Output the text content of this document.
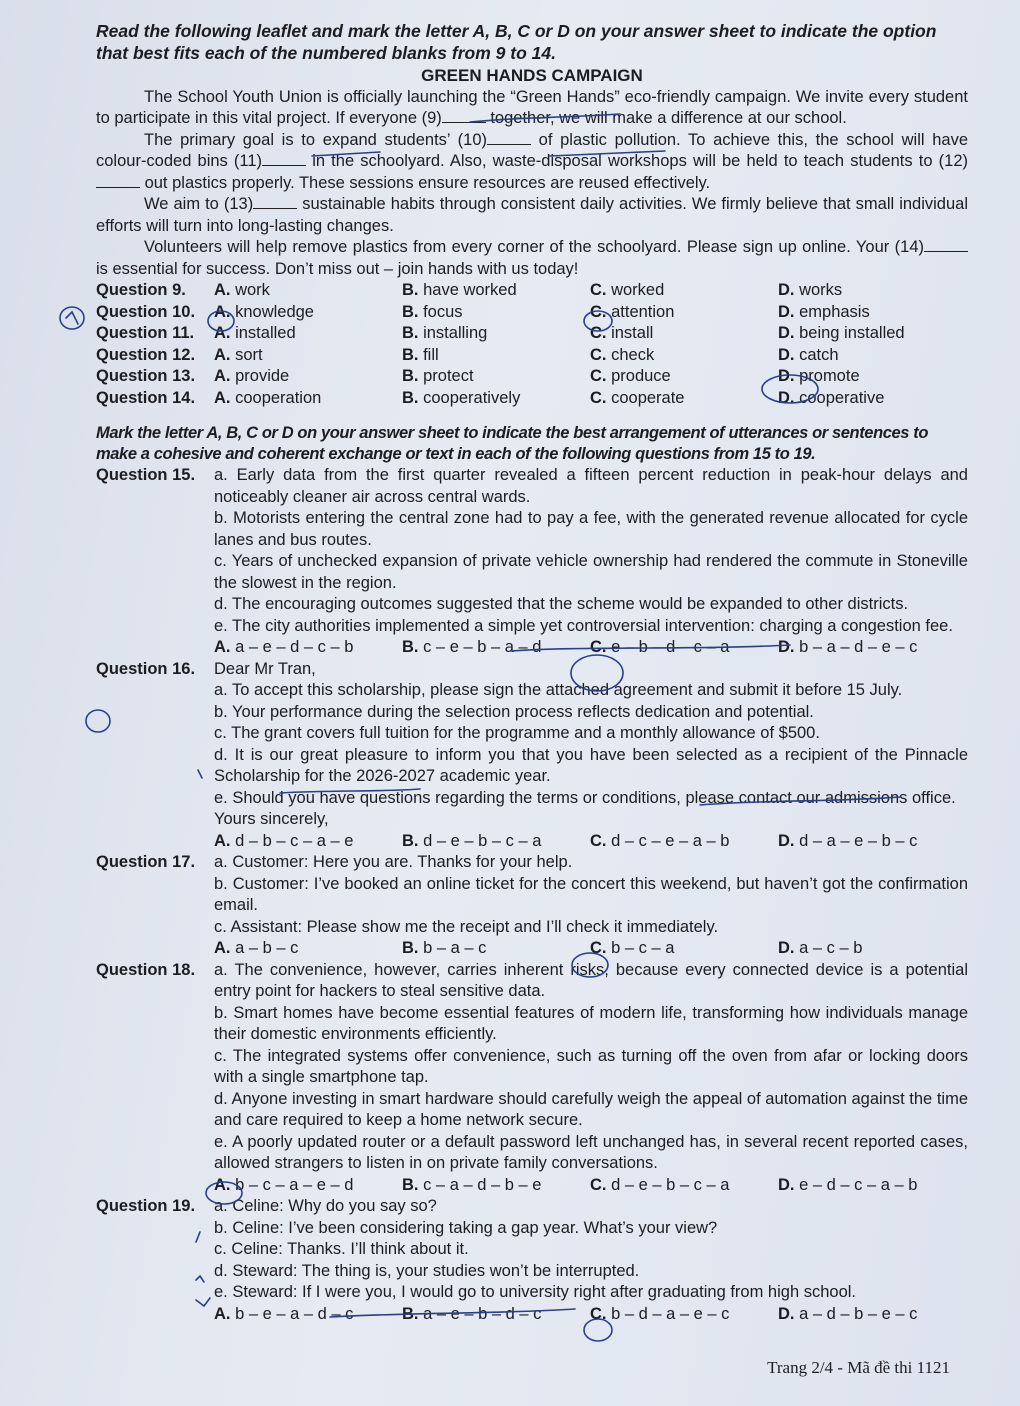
Read the following leaflet and mark the letter A, B, C or D on your answer sheet to indicate the option that best fits each of the numbered blanks from 9 to 14.

GREEN HANDS CAMPAIGN

The School Youth Union is officially launching the “Green Hands” eco-friendly campaign. We invite every student to participate in this vital project. If everyone (9)	together, we will make a difference at our school.

The primary goal is to expand students’ (10)	of plastic pollution. To achieve this, the school will have colour-coded bins (11)	in the schoolyard. Also, waste-disposal workshops will be held to teach students to (12) out plastics properly. These sessions ensure resources are reused effectively.

We aim to (13)	sustainable habits through consistent daily activities. We firmly believe that small individual efforts will turn into long-lasting changes.

Volunteers will help remove plastics from every corner of the schoolyard. Please sign up online. Your (14) is essential for success. Don’t miss out – join hands with us today!

Question 9.	A. work	B. have worked	C. worked	D. works
Question 10.	A. knowledge	B. focus	C. attention	D. emphasis
Question 11.	A. installed	B. installing	C. install	D. being installed
Question 12.	A. sort	B. fill	C. check	D. catch
Question 13.	A. provide	B. protect	C. produce	D. promote
Question 14.	A. cooperation	B. cooperatively	C. cooperate	D. cooperative

Mark the letter A, B, C or D on your answer sheet to indicate the best arrangement of utterances or sentences to make a cohesive and coherent exchange or text in each of the following questions from 15 to 19.

Question 15.	a. Early data from the first quarter revealed a fifteen percent reduction in peak-hour delays and noticeably cleaner air across central wards.

b. Motorists entering the central zone had to pay a fee, with the generated revenue allocated for cycle lanes and bus routes.

c. Years of unchecked expansion of private vehicle ownership had rendered the commute in Stoneville the slowest in the region.

d. The encouraging outcomes suggested that the scheme would be expanded to other districts.

e. The city authorities implemented a simple yet controversial intervention: charging a congestion fee.

A. a – e – d – c – b	B. c – e – b – a – d	C. e – b – d – c – a	D. b – a – d – e – c
Question 16.	Dear Mr Tran,

a. To accept this scholarship, please sign the attached agreement and submit it before 15 July.

b. Your performance during the selection process reflects dedication and potential.

c. The grant covers full tuition for the programme and a monthly allowance of $500.

d. It is our great pleasure to inform you that you have been selected as a recipient of the Pinnacle Scholarship for the 2026-2027 academic year.

e. Should you have questions regarding the terms or conditions, please contact our admissions office.

Yours sincerely,

A. d – b – c – a – e	B. d – e – b – c – a	C. d – c – e – a – b	D. d – a – e – b – c
Question 17.	a. Customer: Here you are. Thanks for your help.

b. Customer: I’ve booked an online ticket for the concert this weekend, but haven’t got the confirmation email.

c. Assistant: Please show me the receipt and I’ll check it immediately.

A. a – b – c	B. b – a – c	C. b – c – a	D. a – c – b
Question 18.	a. The convenience, however, carries inherent risks, because every connected device is a potential entry point for hackers to steal sensitive data.

b. Smart homes have become essential features of modern life, transforming how individuals manage their domestic environments efficiently.

c. The integrated systems offer convenience, such as turning off the oven from afar or locking doors with a single smartphone tap.

d. Anyone investing in smart hardware should carefully weigh the appeal of automation against the time and care required to keep a home network secure.

e. A poorly updated router or a default password left unchanged has, in several recent reported cases, allowed strangers to listen in on private family conversations.

A. b – c – a – e – d	B. c – a – d – b – e	C. d – e – b – c – a	D. e – d – c – a – b
Question 19.	a. Celine: Why do you say so?

b. Celine: I’ve been considering taking a gap year. What’s your view?

c. Celine: Thanks. I’ll think about it.

d. Steward: The thing is, your studies won’t be interrupted.

e. Steward: If I were you, I would go to university right after graduating from high school.

A. b – e – a – d – c	B. a – e – b – d – c	C. b – d – a – e – c	D. a – d – b – e – c
Trang 2/4 - Mã đề thi 1121
